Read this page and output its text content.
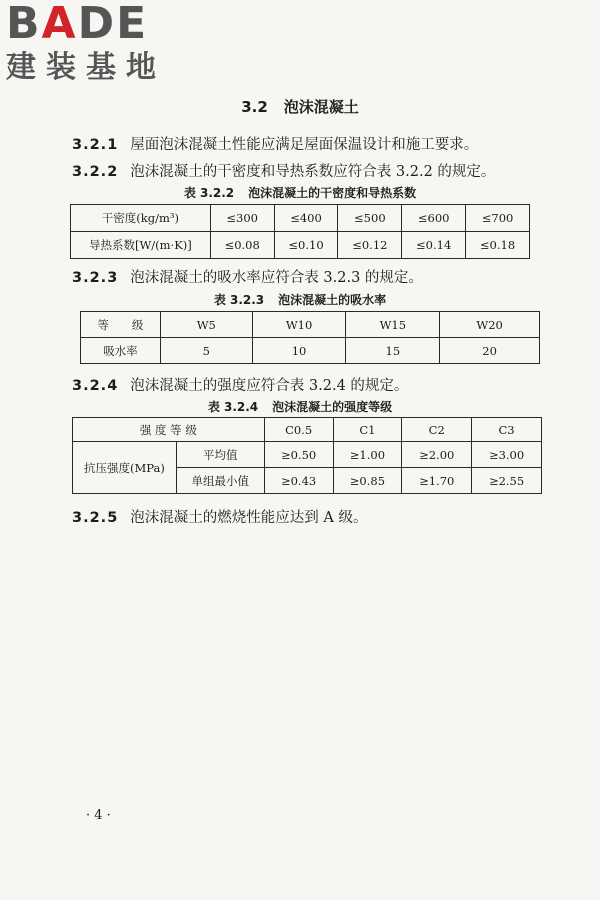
BADE
建装基地
3.2 泡沫混凝土
3.2.1 屋面泡沫混凝土性能应满足屋面保温设计和施工要求。
3.2.2 泡沫混凝土的干密度和导热系数应符合表 3.2.2 的规定。
表 3.2.2 泡沫混凝土的干密度和导热系数
干密度(kg/m³)	≤300	≤400	≤500	≤600	≤700
导热系数[W/(m·K)]	≤0.08	≤0.10	≤0.12	≤0.14	≤0.18
3.2.3 泡沫混凝土的吸水率应符合表 3.2.3 的规定。
表 3.2.3 泡沫混凝土的吸水率
等　　级	W5	W10	W15	W20
吸水率	5	10	15	20
3.2.4 泡沫混凝土的强度应符合表 3.2.4 的规定。
表 3.2.4 泡沫混凝土的强度等级
强 度 等 级		C0.5	C1	C2	C3
抗压强度(MPa)	平均值	≥0.50	≥1.00	≥2.00	≥3.00
	单组最小值	≥0.43	≥0.85	≥1.70	≥2.55
3.2.5 泡沫混凝土的燃烧性能应达到 A 级。
· 4 ·
